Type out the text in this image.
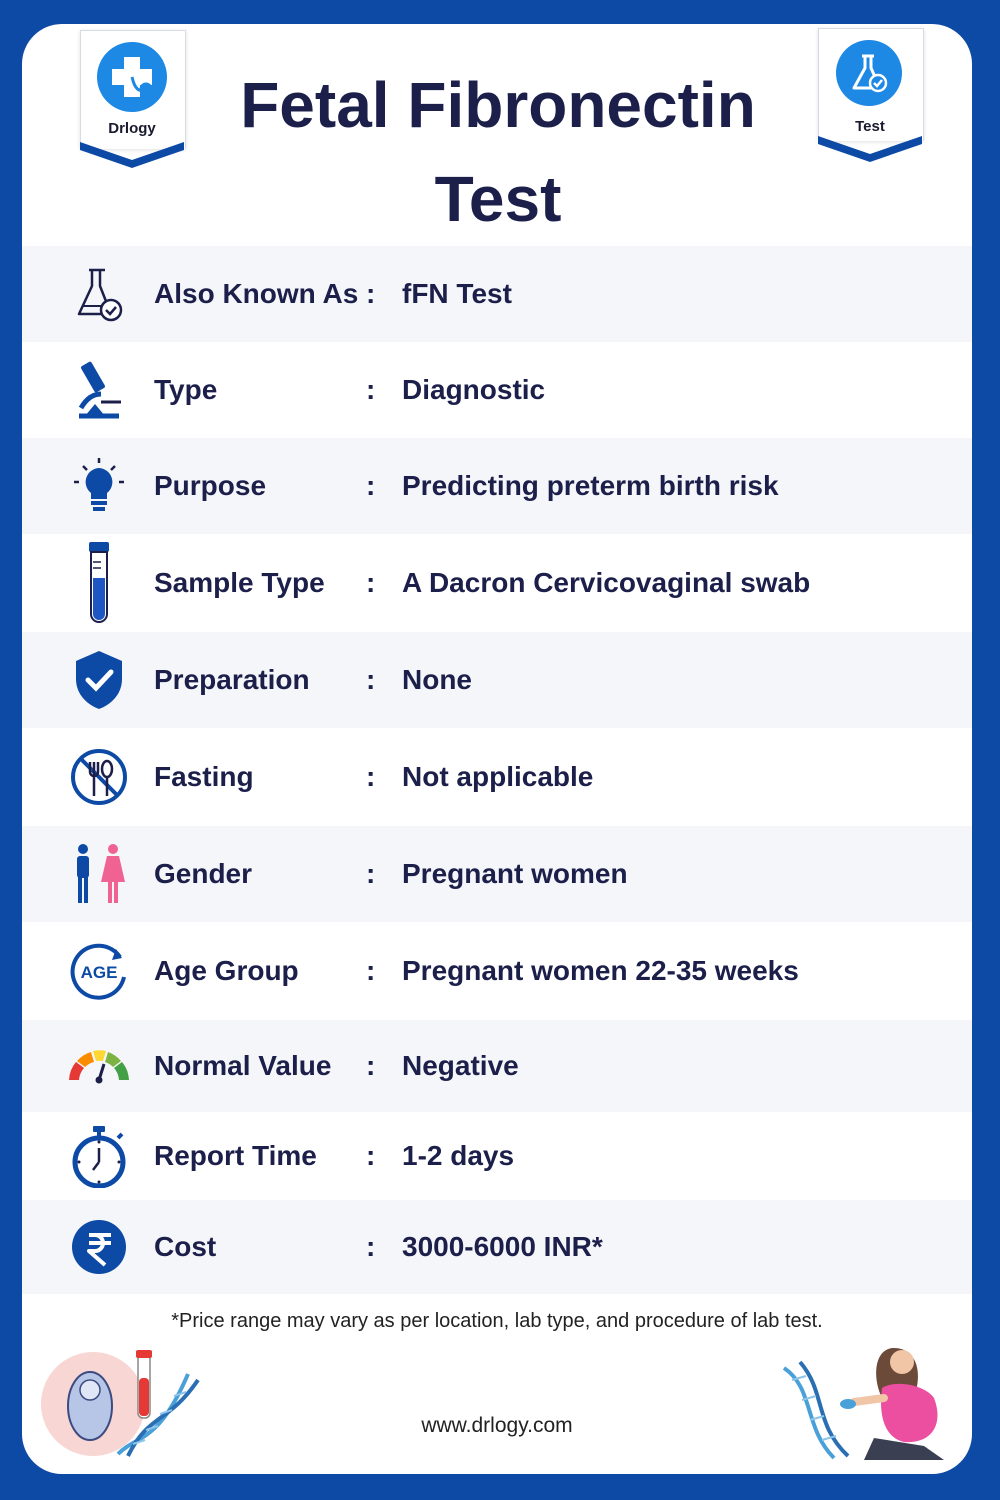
Drlogy	Test
Fetal Fibronectin Test
Also Known As : fFN Test
Type	: Diagnostic
Purpose	: Predicting preterm birth risk
Sample Type : A Dacron Cervicovaginal swab
Preparation : None
Fasting	: Not applicable
Gender	: Pregnant women
AGE Age Group : Pregnant women 22-35 weeks
Normal Value : Negative
Report Time : 1-2 days
Cost	: 3000-6000 INR*
*Price range may vary as per location, lab type, and procedure of lab test.
www.drlogy.com
